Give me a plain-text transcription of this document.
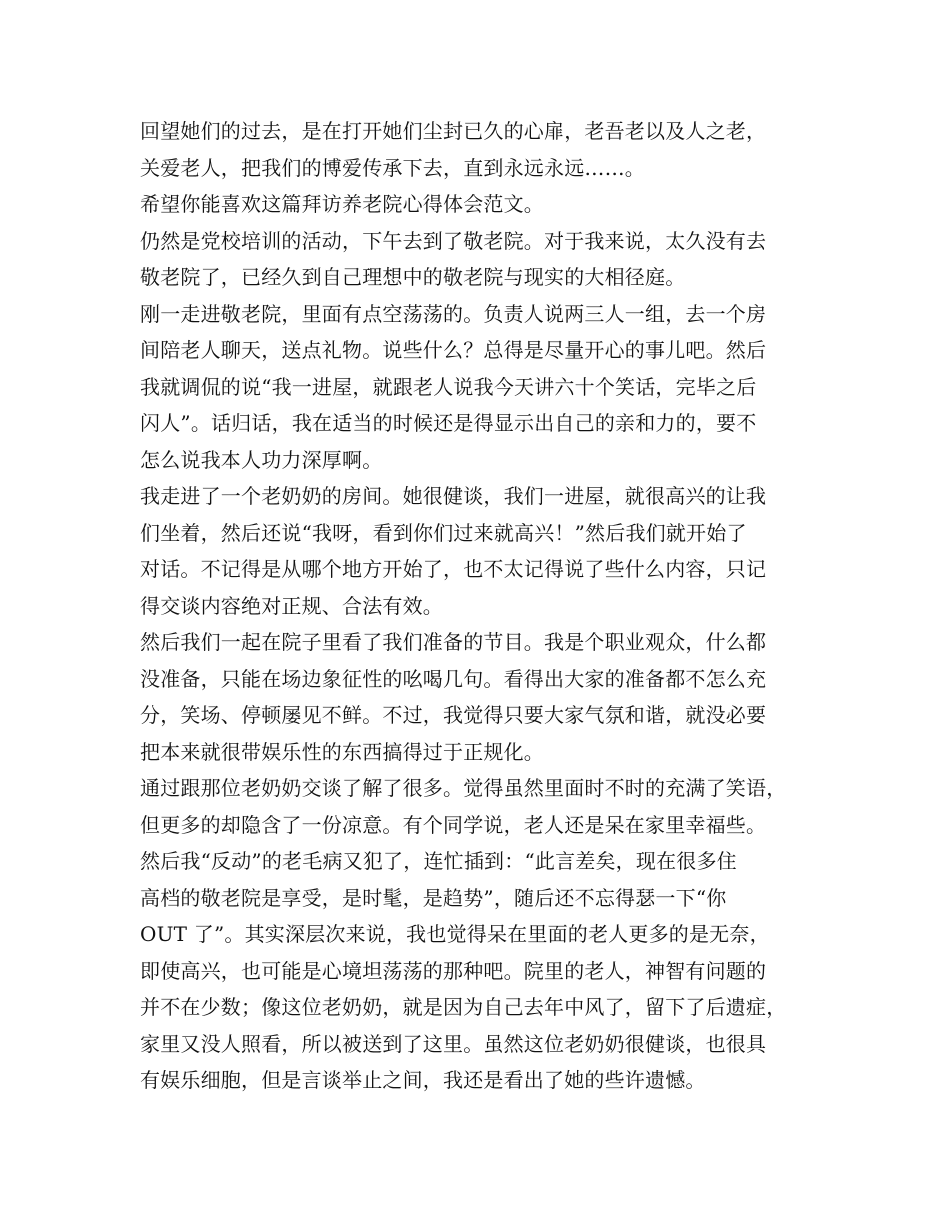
回望她们的过去，是在打开她们尘封已久的心扉，老吾老以及人之老，
关爱老人，把我们的博爱传承下去，直到永远永远……。
希望你能喜欢这篇拜访养老院心得体会范文。
仍然是党校培训的活动，下午去到了敬老院。对于我来说，太久没有去
敬老院了，已经久到自己理想中的敬老院与现实的大相径庭。
刚一走进敬老院，里面有点空荡荡的。负责人说两三人一组，去一个房
间陪老人聊天，送点礼物。说些什么？总得是尽量开心的事儿吧。然后
我就调侃的说“我一进屋，就跟老人说我今天讲六十个笑话，完毕之后
闪人”。话归话，我在适当的时候还是得显示出自己的亲和力的，要不
怎么说我本人功力深厚啊。
我走进了一个老奶奶的房间。她很健谈，我们一进屋，就很高兴的让我
们坐着，然后还说“我呀，看到你们过来就高兴！”然后我们就开始了
对话。不记得是从哪个地方开始了，也不太记得说了些什么内容，只记
得交谈内容绝对正规、合法有效。
然后我们一起在院子里看了我们准备的节目。我是个职业观众，什么都
没准备，只能在场边象征性的吆喝几句。看得出大家的准备都不怎么充
分，笑场、停顿屡见不鲜。不过，我觉得只要大家气氛和谐，就没必要
把本来就很带娱乐性的东西搞得过于正规化。
通过跟那位老奶奶交谈了解了很多。觉得虽然里面时不时的充满了笑语，
但更多的却隐含了一份凉意。有个同学说，老人还是呆在家里幸福些。
然后我“反动”的老毛病又犯了，连忙插到：“此言差矣，现在很多住
高档的敬老院是享受，是时髦，是趋势”，随后还不忘得瑟一下“你
OUT 了”。其实深层次来说，我也觉得呆在里面的老人更多的是无奈，
即使高兴，也可能是心境坦荡荡的那种吧。院里的老人，神智有问题的
并不在少数；像这位老奶奶，就是因为自己去年中风了，留下了后遗症，
家里又没人照看，所以被送到了这里。虽然这位老奶奶很健谈，也很具
有娱乐细胞，但是言谈举止之间，我还是看出了她的些许遗憾。
